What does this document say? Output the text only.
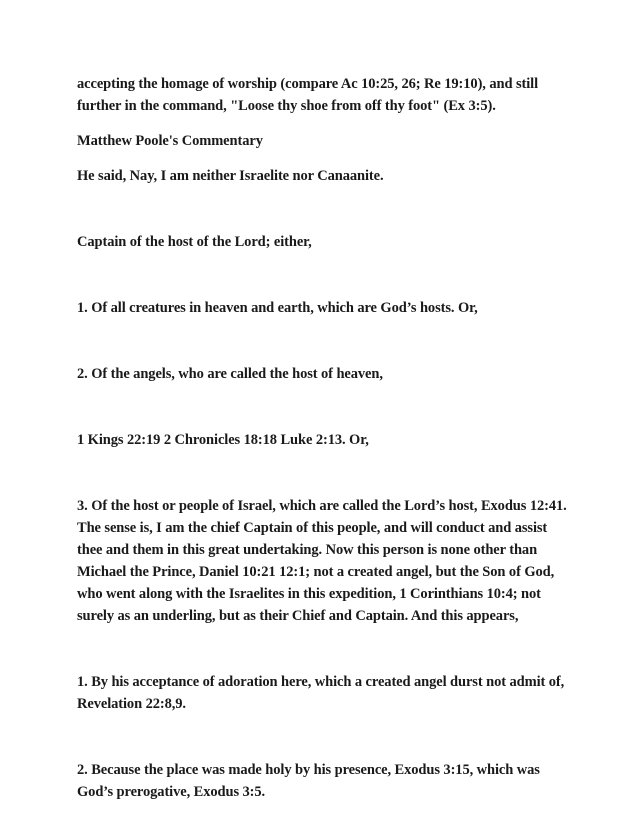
accepting the homage of worship (compare Ac 10:25, 26; Re 19:10), and still further in the command, "Loose thy shoe from off thy foot" (Ex 3:5).

Matthew Poole's Commentary

He said, Nay, I am neither Israelite nor Canaanite.

Captain of the host of the Lord; either,

1. Of all creatures in heaven and earth, which are God’s hosts. Or,

2. Of the angels, who are called the host of heaven,

1 Kings 22:19 2 Chronicles 18:18 Luke 2:13. Or,

3. Of the host or people of Israel, which are called the Lord’s host, Exodus 12:41. The sense is, I am the chief Captain of this people, and will conduct and assist thee and them in this great undertaking. Now this person is none other than Michael the Prince, Daniel 10:21 12:1; not a created angel, but the Son of God, who went along with the Israelites in this expedition, 1 Corinthians 10:4; not surely as an underling, but as their Chief and Captain. And this appears,

1. By his acceptance of adoration here, which a created angel durst not admit of, Revelation 22:8,9.

2. Because the place was made holy by his presence, Exodus 3:15, which was God’s prerogative, Exodus 3:5.
